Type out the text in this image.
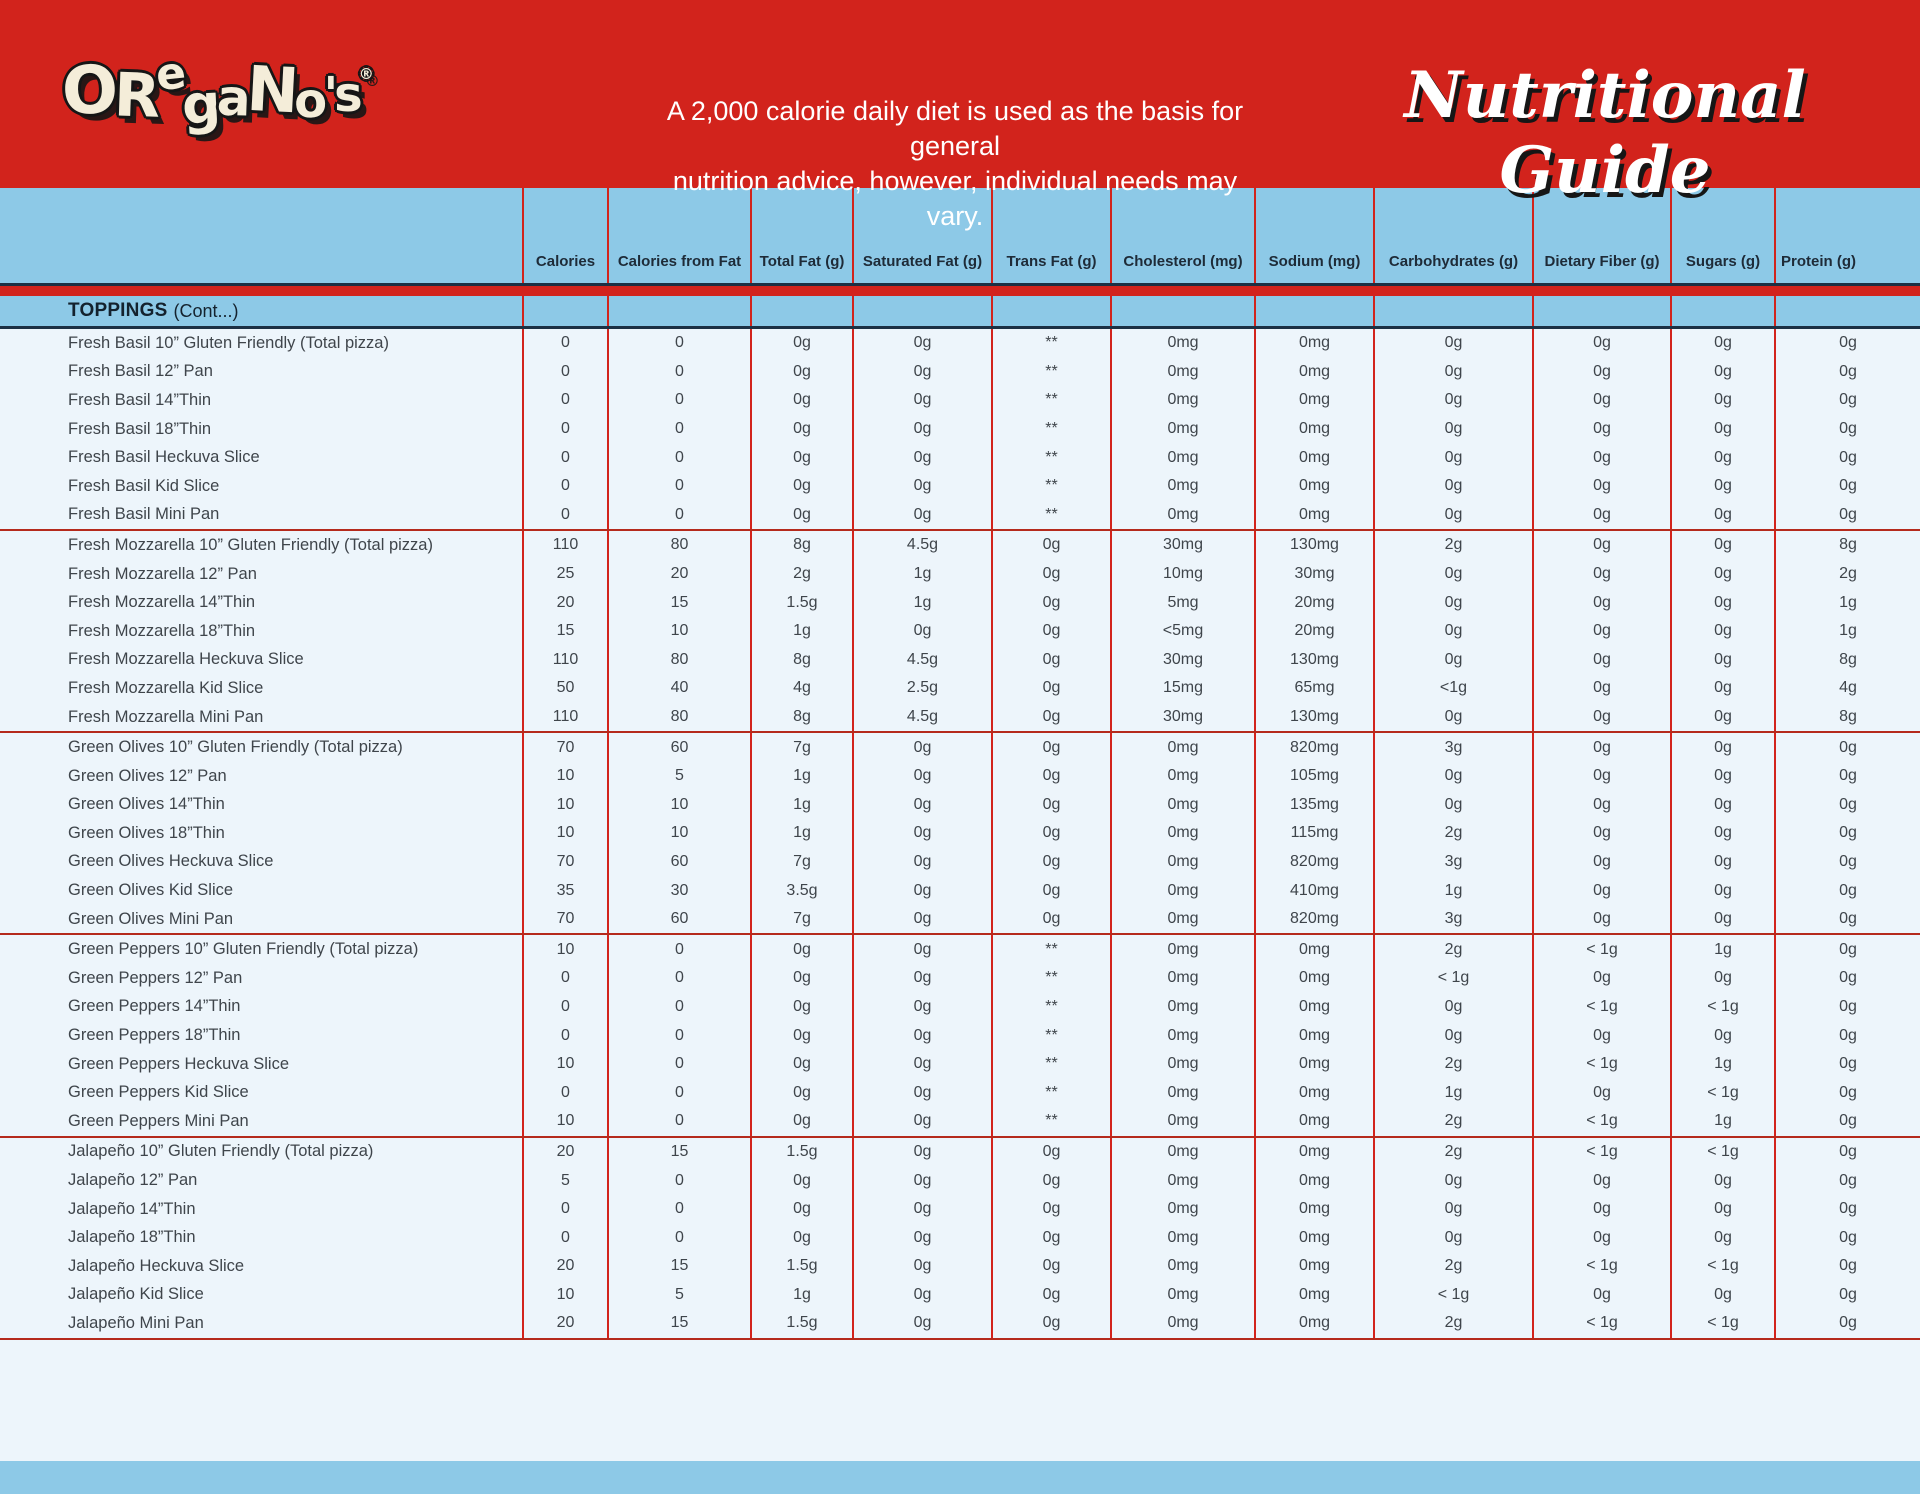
ORegaNo's®
A 2,000 calorie daily diet is used as the basis for general
nutrition advice, however, individual needs may vary.
Nutritional Guide
Calories	Calories from Fat	Total Fat (g)	Saturated Fat (g)	Trans Fat (g)	Cholesterol (mg)	Sodium (mg)	Carbohydrates (g)	Dietary Fiber (g)	Sugars (g)	Protein (g)
TOPPINGS (Cont...)
Fresh Basil 10” Gluten Friendly (Total pizza)	0	0	0g	0g	**	0mg	0mg	0g	0g	0g	0g
Fresh Basil 12” Pan	0	0	0g	0g	**	0mg	0mg	0g	0g	0g	0g
Fresh Basil 14”Thin	0	0	0g	0g	**	0mg	0mg	0g	0g	0g	0g
Fresh Basil 18”Thin	0	0	0g	0g	**	0mg	0mg	0g	0g	0g	0g
Fresh Basil Heckuva Slice	0	0	0g	0g	**	0mg	0mg	0g	0g	0g	0g
Fresh Basil Kid Slice	0	0	0g	0g	**	0mg	0mg	0g	0g	0g	0g
Fresh Basil Mini Pan	0	0	0g	0g	**	0mg	0mg	0g	0g	0g	0g
Fresh Mozzarella 10” Gluten Friendly (Total pizza)	110	80	8g	4.5g	0g	30mg	130mg	2g	0g	0g	8g
Fresh Mozzarella 12” Pan	25	20	2g	1g	0g	10mg	30mg	0g	0g	0g	2g
Fresh Mozzarella 14”Thin	20	15	1.5g	1g	0g	5mg	20mg	0g	0g	0g	1g
Fresh Mozzarella 18”Thin	15	10	1g	0g	0g	<5mg	20mg	0g	0g	0g	1g
Fresh Mozzarella Heckuva Slice	110	80	8g	4.5g	0g	30mg	130mg	0g	0g	0g	8g
Fresh Mozzarella Kid Slice	50	40	4g	2.5g	0g	15mg	65mg	<1g	0g	0g	4g
Fresh Mozzarella Mini Pan	110	80	8g	4.5g	0g	30mg	130mg	0g	0g	0g	8g
Green Olives 10” Gluten Friendly (Total pizza)	70	60	7g	0g	0g	0mg	820mg	3g	0g	0g	0g
Green Olives 12” Pan	10	5	1g	0g	0g	0mg	105mg	0g	0g	0g	0g
Green Olives 14”Thin	10	10	1g	0g	0g	0mg	135mg	0g	0g	0g	0g
Green Olives 18”Thin	10	10	1g	0g	0g	0mg	115mg	2g	0g	0g	0g
Green Olives Heckuva Slice	70	60	7g	0g	0g	0mg	820mg	3g	0g	0g	0g
Green Olives Kid Slice	35	30	3.5g	0g	0g	0mg	410mg	1g	0g	0g	0g
Green Olives Mini Pan	70	60	7g	0g	0g	0mg	820mg	3g	0g	0g	0g
Green Peppers 10” Gluten Friendly (Total pizza)	10	0	0g	0g	**	0mg	0mg	2g	< 1g	1g	0g
Green Peppers 12” Pan	0	0	0g	0g	**	0mg	0mg	< 1g	0g	0g	0g
Green Peppers 14”Thin	0	0	0g	0g	**	0mg	0mg	0g	< 1g	< 1g	0g
Green Peppers 18”Thin	0	0	0g	0g	**	0mg	0mg	0g	0g	0g	0g
Green Peppers Heckuva Slice	10	0	0g	0g	**	0mg	0mg	2g	< 1g	1g	0g
Green Peppers Kid Slice	0	0	0g	0g	**	0mg	0mg	1g	0g	< 1g	0g
Green Peppers Mini Pan	10	0	0g	0g	**	0mg	0mg	2g	< 1g	1g	0g
Jalapeño 10” Gluten Friendly (Total pizza)	20	15	1.5g	0g	0g	0mg	0mg	2g	< 1g	< 1g	0g
Jalapeño 12” Pan	5	0	0g	0g	0g	0mg	0mg	0g	0g	0g	0g
Jalapeño 14”Thin	0	0	0g	0g	0g	0mg	0mg	0g	0g	0g	0g
Jalapeño 18”Thin	0	0	0g	0g	0g	0mg	0mg	0g	0g	0g	0g
Jalapeño Heckuva Slice	20	15	1.5g	0g	0g	0mg	0mg	2g	< 1g	< 1g	0g
Jalapeño Kid Slice	10	5	1g	0g	0g	0mg	0mg	< 1g	0g	0g	0g
Jalapeño Mini Pan	20	15	1.5g	0g	0g	0mg	0mg	2g	< 1g	< 1g	0g
